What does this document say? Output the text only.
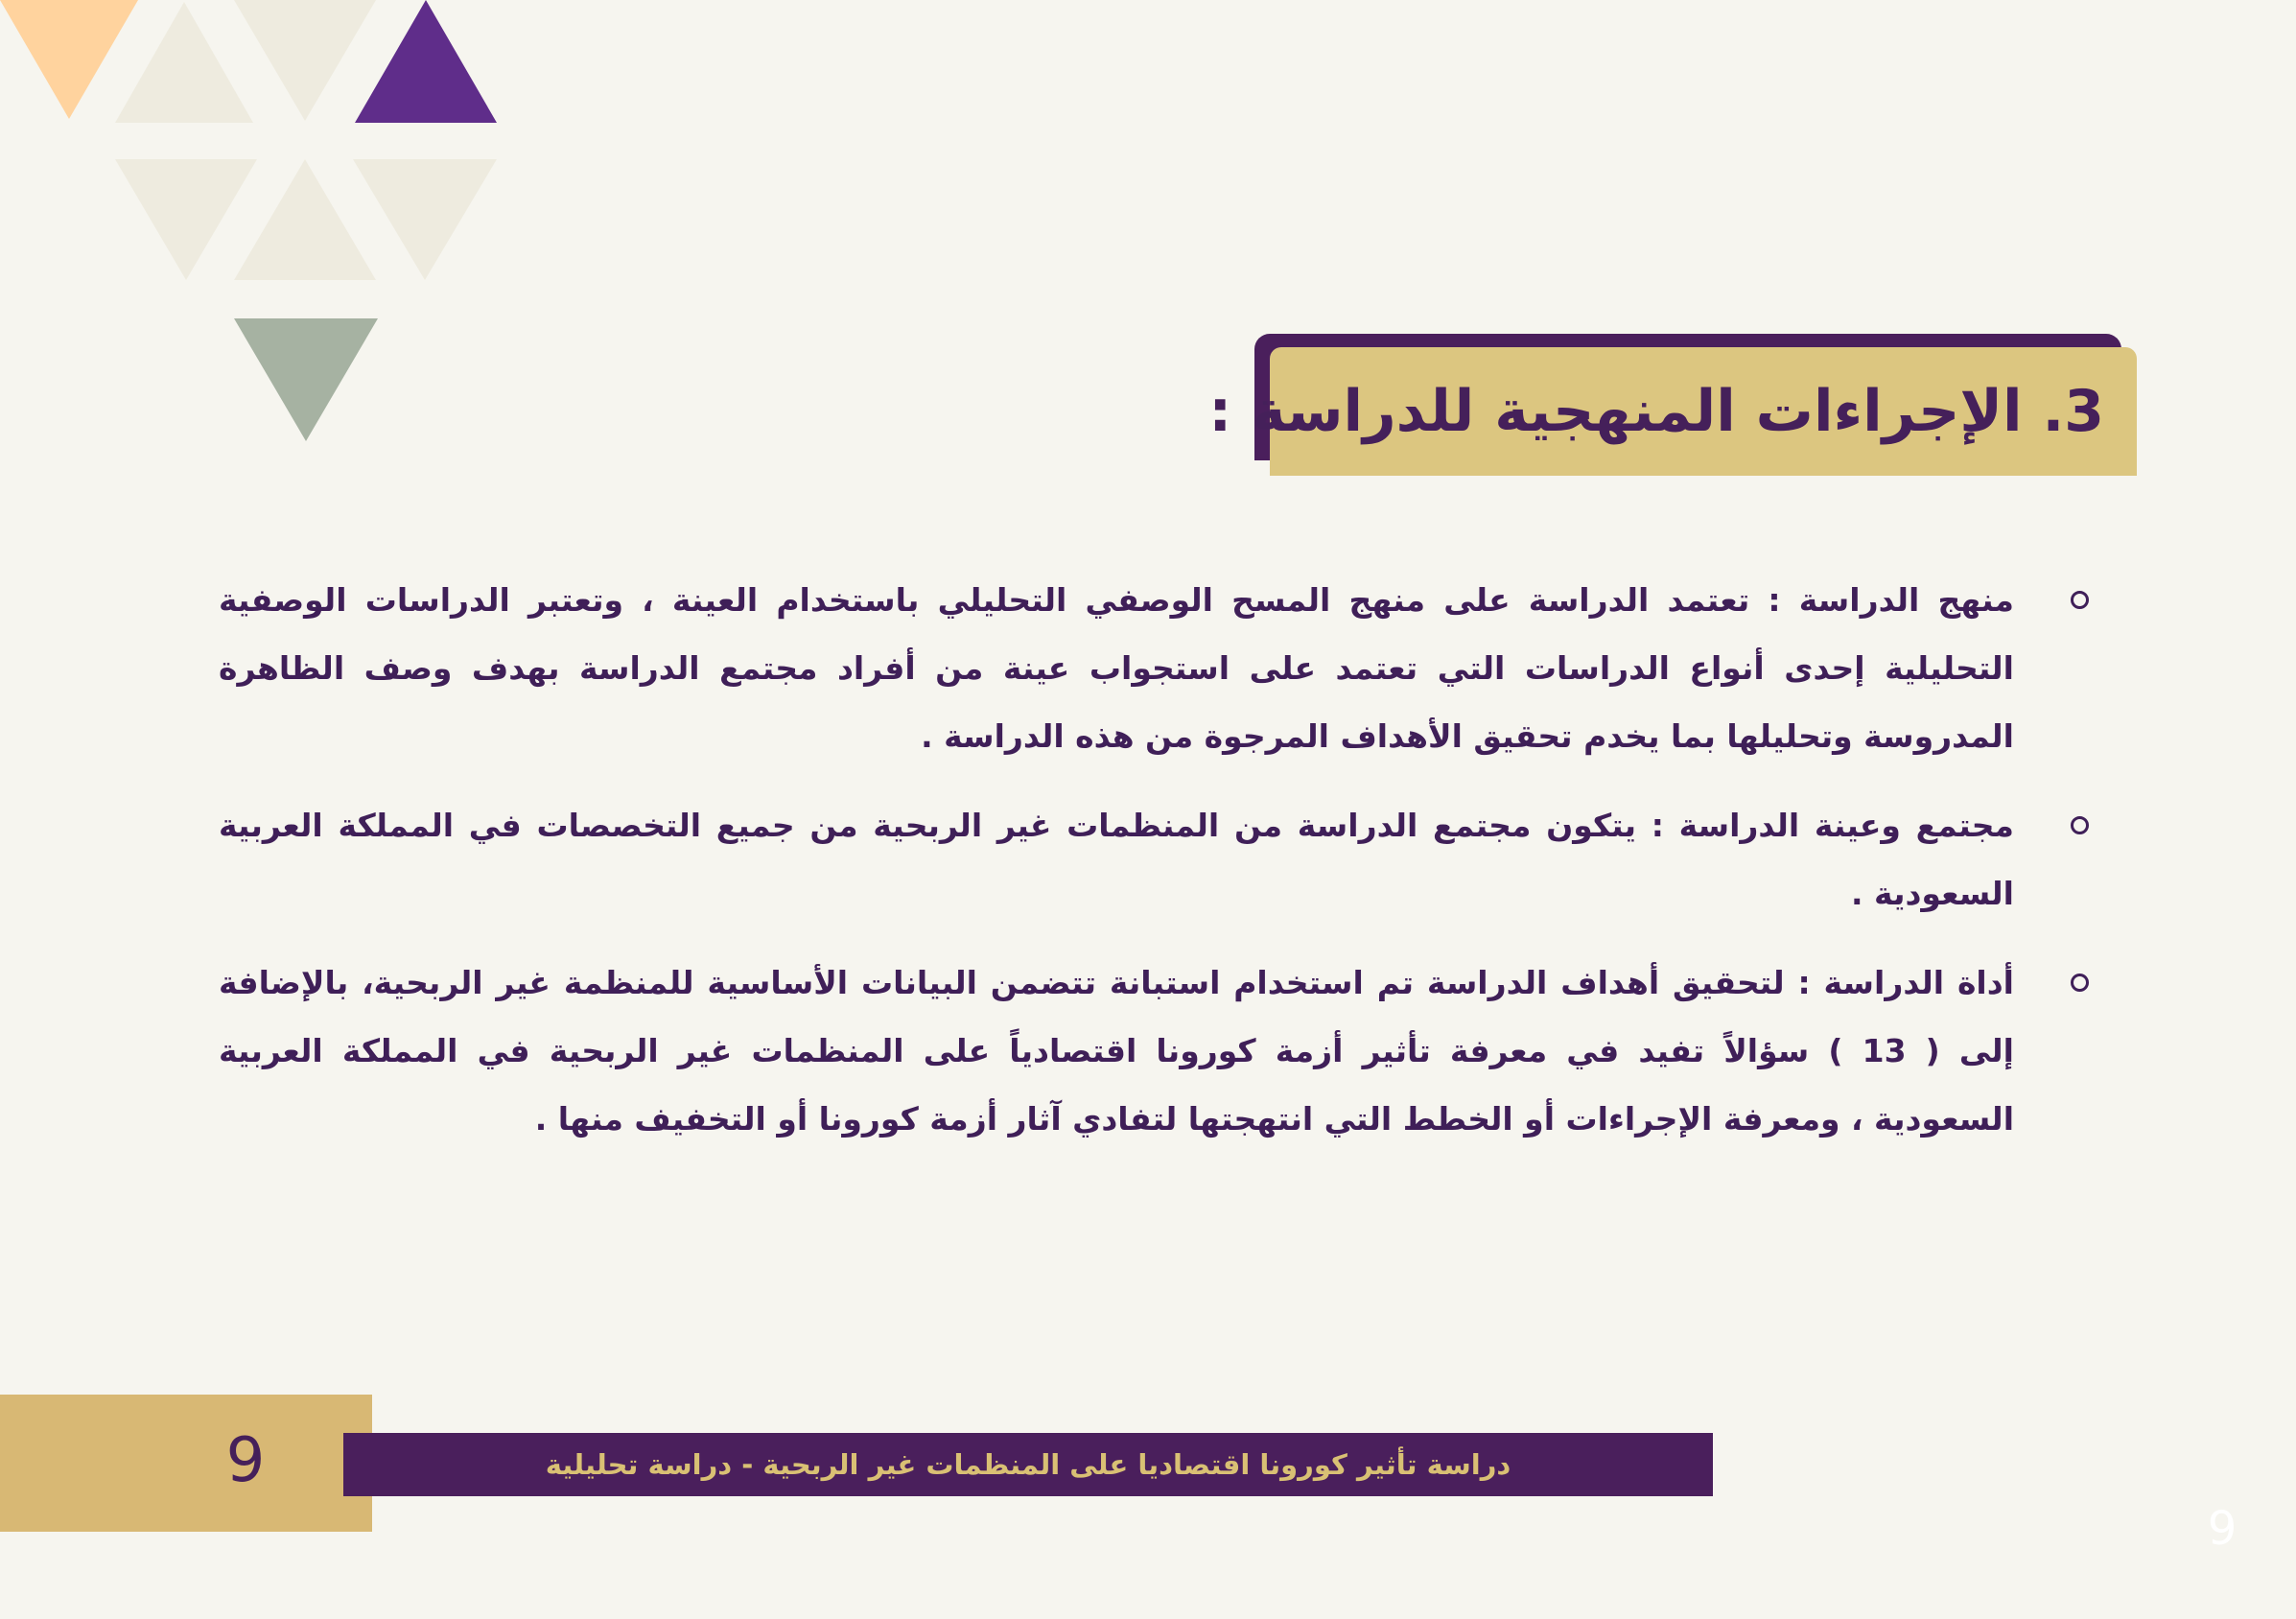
3. الإجراءات المنهجية للدراسة :
منهج الدراسة : تعتمد الدراسة على منهج المسح الوصفي التحليلي باستخدام العينة ، وتعتبر الدراسات الوصفية التحليلية إحدى أنواع الدراسات التي تعتمد على استجواب عينة من أفراد مجتمع الدراسة بهدف وصف الظاهرة المدروسة وتحليلها بما يخدم تحقيق الأهداف المرجوة من هذه الدراسة .
مجتمع وعينة الدراسة : يتكون مجتمع الدراسة من المنظمات غير الربحية من جميع التخصصات في المملكة العربية السعودية .
أداة الدراسة : لتحقيق أهداف الدراسة تم استخدام استبانة تتضمن البيانات الأساسية للمنظمة غير الربحية، بالإضافة إلى ( 13 ) سؤالاً تفيد في معرفة تأثير أزمة كورونا اقتصادياً على المنظمات غير الربحية في المملكة العربية السعودية ، ومعرفة الإجراءات أو الخطط التي انتهجتها لتفادي آثار أزمة كورونا أو التخفيف منها .
9	دراسة تأثير كورونا اقتصاديا على المنظمات غير الربحية - دراسة تحليلية
9
